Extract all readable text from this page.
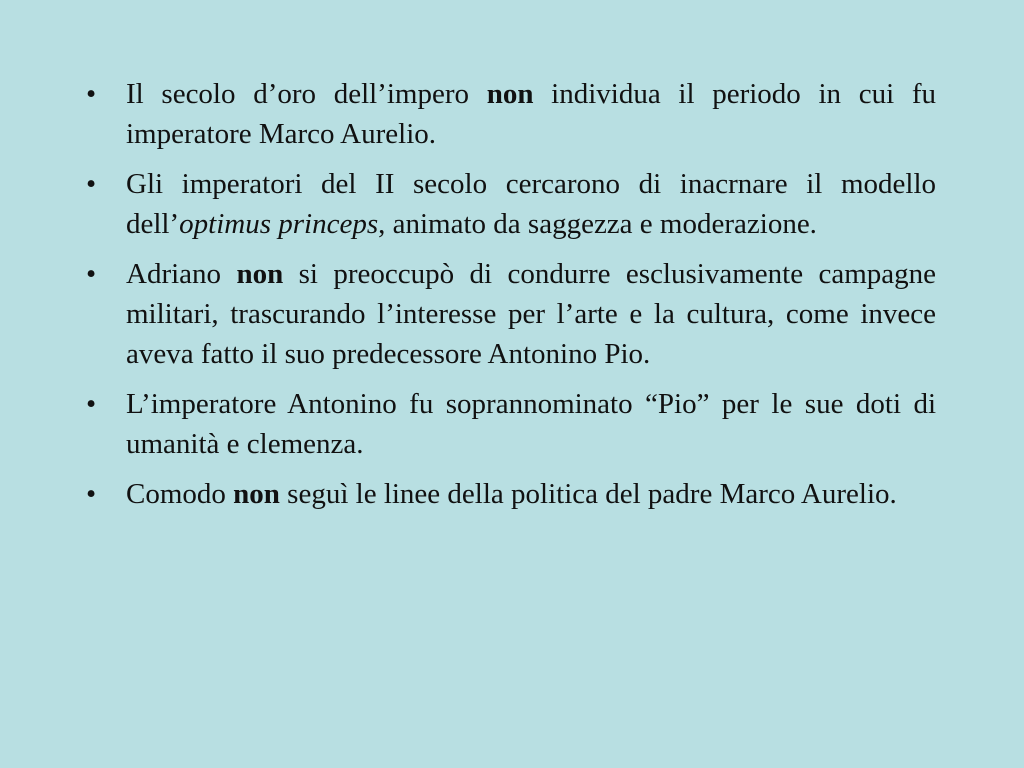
•	Il secolo d’oro dell’impero non individua il periodo in cui fu imperatore Marco Aurelio.
•	Gli imperatori del II secolo cercarono di inacrnare il modello dell’optimus princeps, animato da saggezza e moderazione.
•	Adriano non si preoccupò di condurre esclusivamente campagne militari, trascurando l’interesse per l’arte e la cultura, come invece aveva fatto il suo predecessore Antonino Pio.
•	L’imperatore Antonino fu soprannominato “Pio” per le sue doti di umanità e clemenza.
•	Comodo non seguì le linee della politica del padre Marco Aurelio.
